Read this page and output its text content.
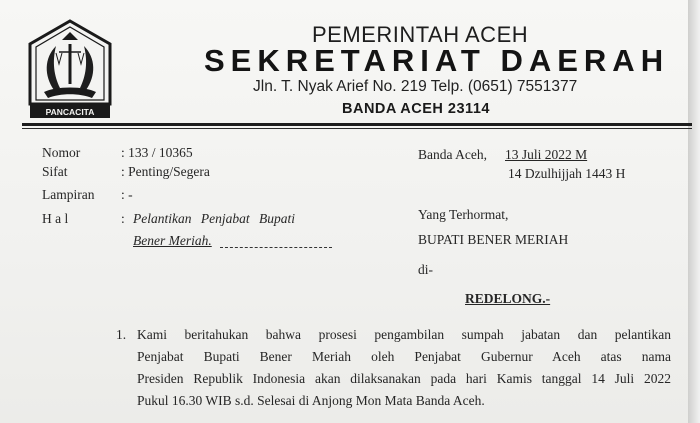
PANCACITA
PEMERINTAH ACEH
SEKRETARIAT DAERAH
Jln. T. Nyak Arief No. 219 Telp. (0651) 7551377
BANDA ACEH 23114
Nomor	: 133 / 10365
Sifat	: Penting/Segera
Lampiran : -
H a l	: Pelantikan Penjabat Bupati
Bener Meriah.
Banda Aceh, 13 Juli 2022 M
14 Dzulhijjah 1443 H
Yang Terhormat,
BUPATI BENER MERIAH
di-
REDELONG.-
1. Kami beritahukan bahwa prosesi pengambilan sumpah jabatan dan pelantikan
Penjabat Bupati Bener Meriah oleh Penjabat Gubernur Aceh atas nama
Presiden Republik Indonesia akan dilaksanakan pada hari Kamis tanggal 14 Juli 2022
Pukul 16.30 WIB s.d. Selesai di Anjong Mon Mata Banda Aceh.
